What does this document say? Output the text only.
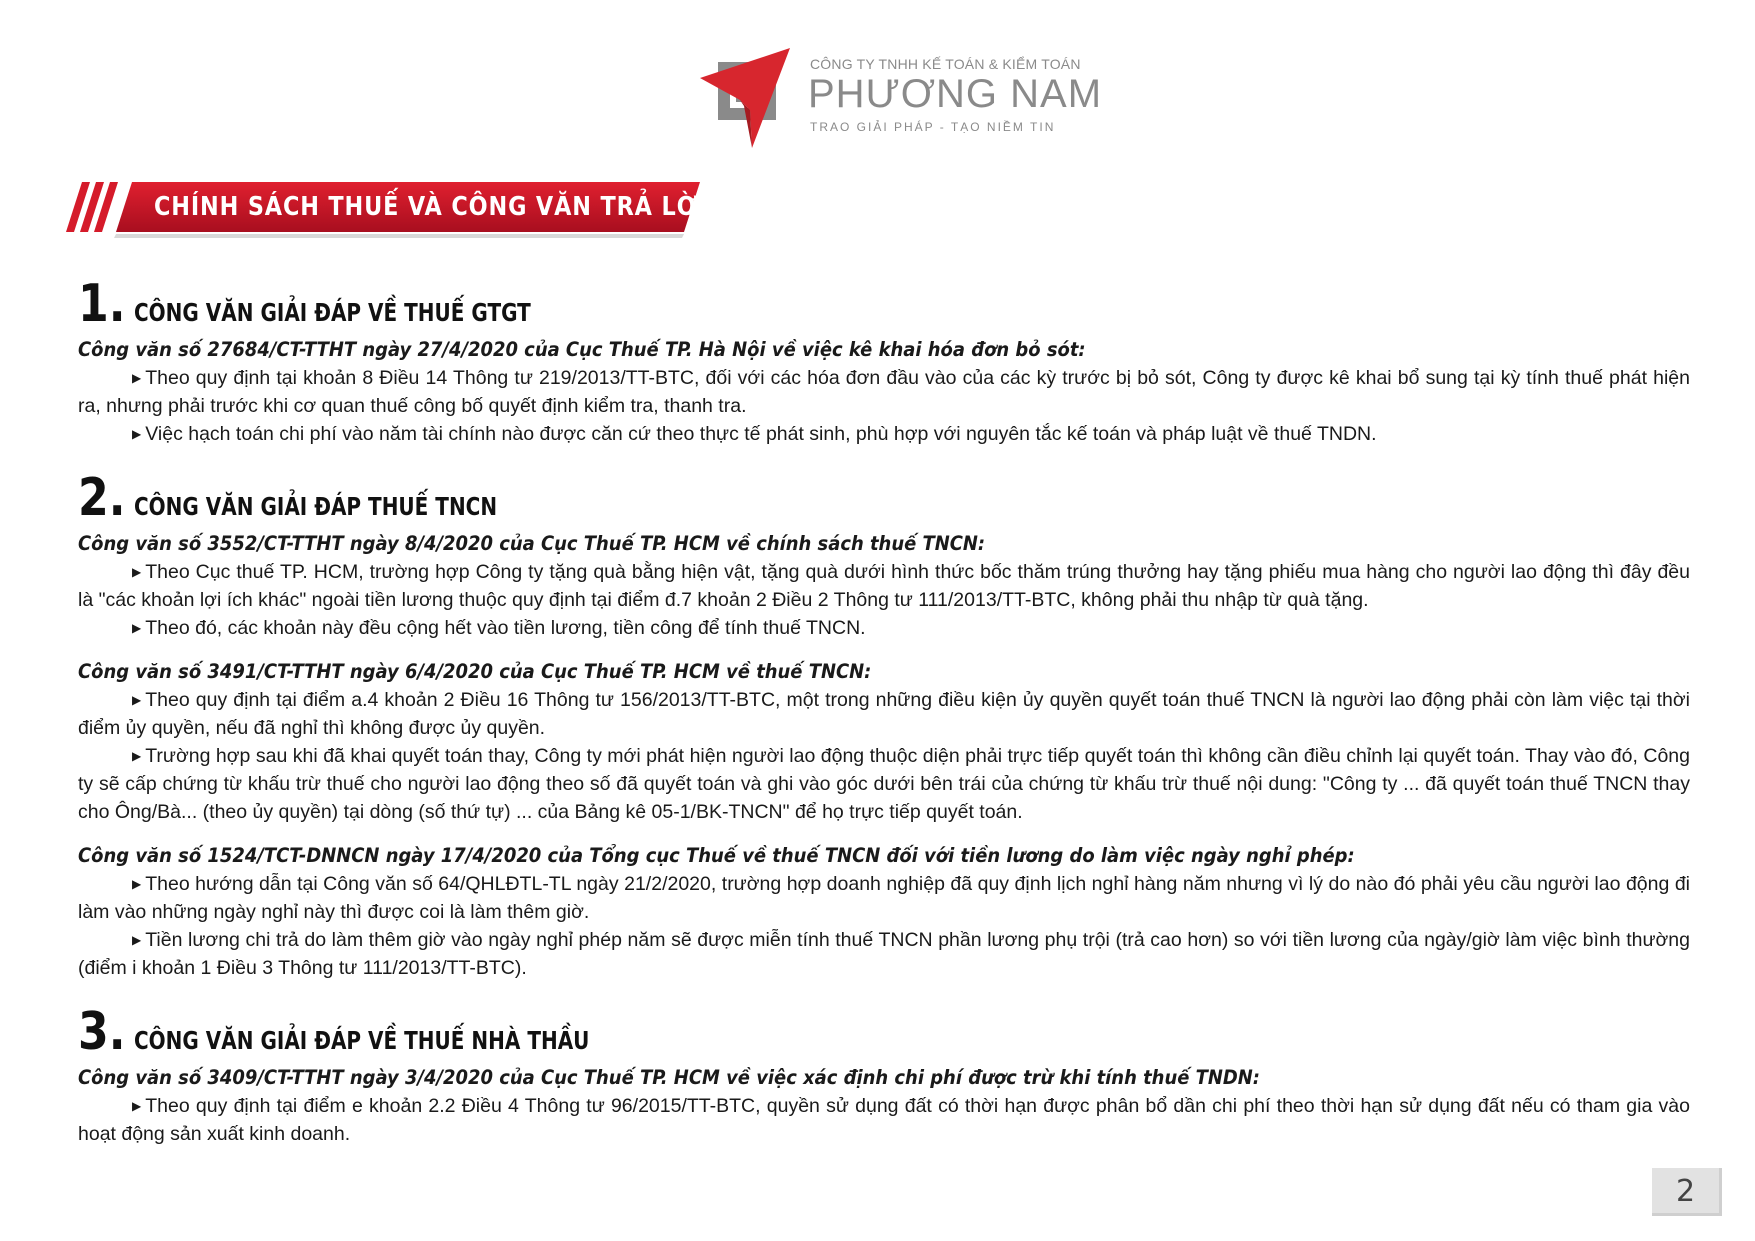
CÔNG TY TNHH KẾ TOÁN & KIỂM TOÁN
PHƯƠNG NAM
TRAO GIẢI PHÁP - TẠO NIỀM TIN
CHÍNH SÁCH THUẾ VÀ CÔNG VĂN TRẢ LỜI
1. CÔNG VĂN GIẢI ĐÁP VỀ THUẾ GTGT
Công văn số 27684/CT-TTHT ngày 27/4/2020 của Cục Thuế TP. Hà Nội về việc kê khai hóa đơn bỏ sót:

▶ Theo quy định tại khoản 8 Điều 14 Thông tư 219/2013/TT-BTC, đối với các hóa đơn đầu vào của các kỳ trước bị bỏ sót, Công ty được kê khai bổ sung tại kỳ tính thuế phát hiện ra, nhưng phải trước khi cơ quan thuế công bố quyết định kiểm tra, thanh tra.

▶ Việc hạch toán chi phí vào năm tài chính nào được căn cứ theo thực tế phát sinh, phù hợp với nguyên tắc kế toán và pháp luật về thuế TNDN.

2. CÔNG VĂN GIẢI ĐÁP THUẾ TNCN
Công văn số 3552/CT-TTHT ngày 8/4/2020 của Cục Thuế TP. HCM về chính sách thuế TNCN:

▶ Theo Cục thuế TP. HCM, trường hợp Công ty tặng quà bằng hiện vật, tặng quà dưới hình thức bốc thăm trúng thưởng hay tặng phiếu mua hàng cho người lao động thì đây đều là "các khoản lợi ích khác" ngoài tiền lương thuộc quy định tại điểm đ.7 khoản 2 Điều 2 Thông tư 111/2013/TT-BTC, không phải thu nhập từ quà tặng.

▶ Theo đó, các khoản này đều cộng hết vào tiền lương, tiền công để tính thuế TNCN.

Công văn số 3491/CT-TTHT ngày 6/4/2020 của Cục Thuế TP. HCM về thuế TNCN:

▶ Theo quy định tại điểm a.4 khoản 2 Điều 16 Thông tư 156/2013/TT-BTC, một trong những điều kiện ủy quyền quyết toán thuế TNCN là người lao động phải còn làm việc tại thời điểm ủy quyền, nếu đã nghỉ thì không được ủy quyền.

▶ Trường hợp sau khi đã khai quyết toán thay, Công ty mới phát hiện người lao động thuộc diện phải trực tiếp quyết toán thì không cần điều chỉnh lại quyết toán. Thay vào đó, Công ty sẽ cấp chứng từ khấu trừ thuế cho người lao động theo số đã quyết toán và ghi vào góc dưới bên trái của chứng từ khấu trừ thuế nội dung: "Công ty ... đã quyết toán thuế TNCN thay cho Ông/Bà... (theo ủy quyền) tại dòng (số thứ tự) ... của Bảng kê 05-1/BK-TNCN" để họ trực tiếp quyết toán.

Công văn số 1524/TCT-DNNCN ngày 17/4/2020 của Tổng cục Thuế về thuế TNCN đối với tiền lương do làm việc ngày nghỉ phép:

▶ Theo hướng dẫn tại Công văn số 64/QHLĐTL-TL ngày 21/2/2020, trường hợp doanh nghiệp đã quy định lịch nghỉ hàng năm nhưng vì lý do nào đó phải yêu cầu người lao động đi làm vào những ngày nghỉ này thì được coi là làm thêm giờ.

▶ Tiền lương chi trả do làm thêm giờ vào ngày nghỉ phép năm sẽ được miễn tính thuế TNCN phần lương phụ trội (trả cao hơn) so với tiền lương của ngày/giờ làm việc bình thường (điểm i khoản 1 Điều 3 Thông tư 111/2013/TT-BTC).

3. CÔNG VĂN GIẢI ĐÁP VỀ THUẾ NHÀ THẦU
Công văn số 3409/CT-TTHT ngày 3/4/2020 của Cục Thuế TP. HCM về việc xác định chi phí được trừ khi tính thuế TNDN:

▶ Theo quy định tại điểm e khoản 2.2 Điều 4 Thông tư 96/2015/TT-BTC, quyền sử dụng đất có thời hạn được phân bổ dần chi phí theo thời hạn sử dụng đất nếu có tham gia vào hoạt động sản xuất kinh doanh.

2
